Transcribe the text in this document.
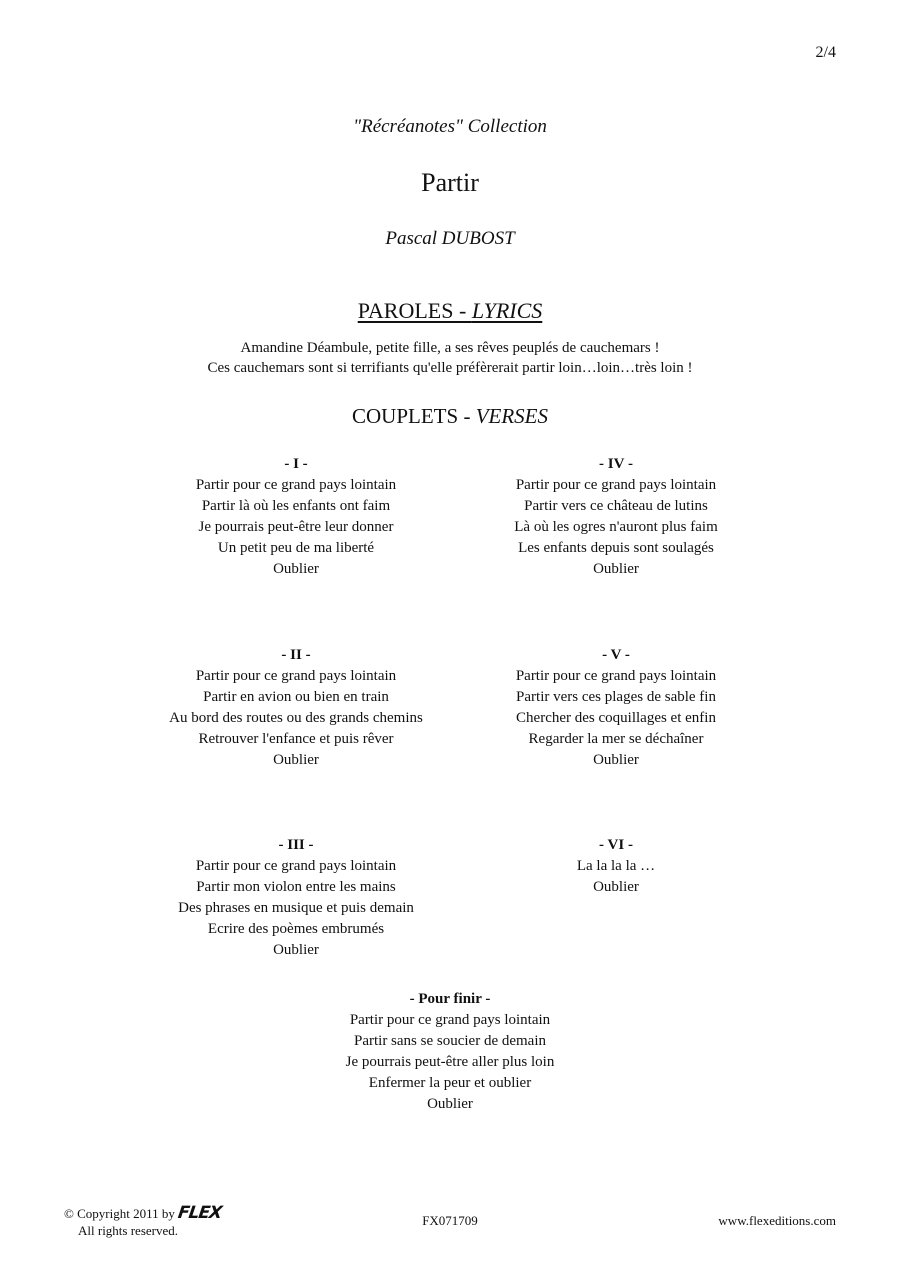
2/4
"Récréanotes" Collection
Partir
Pascal DUBOST
PAROLES - LYRICS
Amandine Déambule, petite fille, a ses rêves peuplés de cauchemars !
Ces cauchemars sont si terrifiants qu'elle préfèrerait partir loin…loin…très loin !
COUPLETS - VERSES
- I -
Partir pour ce grand pays lointain
Partir là où les enfants ont faim
Je pourrais peut-être leur donner
Un petit peu de ma liberté
Oublier
- IV -
Partir pour ce grand pays lointain
Partir vers ce château de lutins
Là où les ogres n'auront plus faim
Les enfants depuis sont soulagés
Oublier
- II -
Partir pour ce grand pays lointain
Partir en avion ou bien en train
Au bord des routes ou des grands chemins
Retrouver l'enfance et puis rêver
Oublier
- V -
Partir pour ce grand pays lointain
Partir vers ces plages de sable fin
Chercher des coquillages et enfin
Regarder la mer se déchaîner
Oublier
- III -
Partir pour ce grand pays lointain
Partir mon violon entre les mains
Des phrases en musique et puis demain
Ecrire des poèmes embrumés
Oublier
- VI -
La la la la …
Oublier
- Pour finir -
Partir pour ce grand pays lointain
Partir sans se soucier de demain
Je pourrais peut-être aller plus loin
Enfermer la peur et oublier
Oublier
© Copyright 2011 by FLEX
All rights reserved.
FX071709	www.flexeditions.com
